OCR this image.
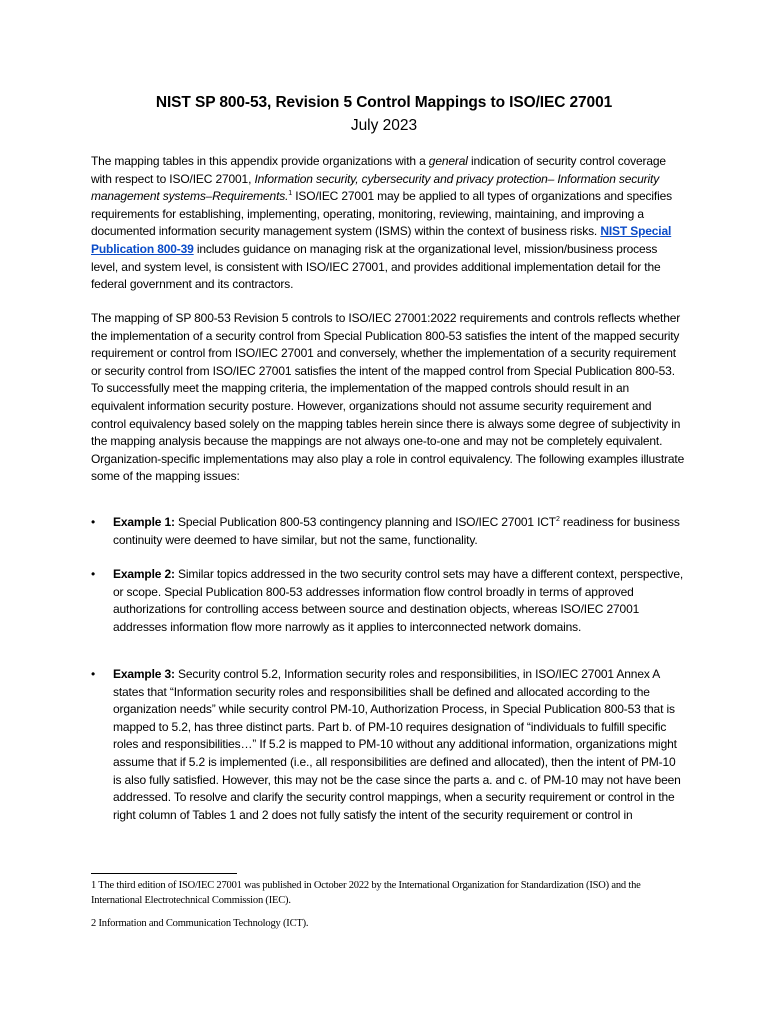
NIST SP 800-53, Revision 5 Control Mappings to ISO/IEC 27001
July 2023
The mapping tables in this appendix provide organizations with a general indication of security control coverage with respect to ISO/IEC 27001, Information security, cybersecurity and privacy protection– Information security management systems–Requirements.$^1$ ISO/IEC 27001 may be applied to all types of organizations and specifies requirements for establishing, implementing, operating, monitoring, reviewing, maintaining, and improving a documented information security management system (ISMS) within the context of business risks. NIST Special Publication 800-39 includes guidance on managing risk at the organizational level, mission/business process level, and system level, is consistent with ISO/IEC 27001, and provides additional implementation detail for the federal government and its contractors.
The mapping of SP 800-53 Revision 5 controls to ISO/IEC 27001:2022 requirements and controls reflects whether the implementation of a security control from Special Publication 800-53 satisfies the intent of the mapped security requirement or control from ISO/IEC 27001 and conversely, whether the implementation of a security requirement or security control from ISO/IEC 27001 satisfies the intent of the mapped control from Special Publication 800-53. To successfully meet the mapping criteria, the implementation of the mapped controls should result in an equivalent information security posture. However, organizations should not assume security requirement and control equivalency based solely on the mapping tables herein since there is always some degree of subjectivity in the mapping analysis because the mappings are not always one-to-one and may not be completely equivalent. Organization-specific implementations may also play a role in control equivalency. The following examples illustrate some of the mapping issues:
•	Example 1: Special Publication 800-53 contingency planning and ISO/IEC 27001 ICT$^2$ readiness for business continuity were deemed to have similar, but not the same, functionality.
•	Example 2: Similar topics addressed in the two security control sets may have a different context, perspective, or scope. Special Publication 800-53 addresses information flow control broadly in terms of approved authorizations for controlling access between source and destination objects, whereas ISO/IEC 27001 addresses information flow more narrowly as it applies to interconnected network domains.
•	Example 3: Security control 5.2, Information security roles and responsibilities, in ISO/IEC 27001 Annex A states that “Information security roles and responsibilities shall be defined and allocated according to the organization needs” while security control PM-10, Authorization Process, in Special Publication 800-53 that is mapped to 5.2, has three distinct parts. Part b. of PM-10 requires designation of “individuals to fulfill specific roles and responsibilities…” If 5.2 is mapped to PM-10 without any additional information, organizations might assume that if 5.2 is implemented (i.e., all responsibilities are defined and allocated), then the intent of PM-10 is also fully satisfied. However, this may not be the case since the parts a. and c. of PM-10 may not have been addressed. To resolve and clarify the security control mappings, when a security requirement or control in the right column of Tables 1 and 2 does not fully satisfy the intent of the security requirement or control in
1 The third edition of ISO/IEC 27001 was published in October 2022 by the International Organization for Standardization (ISO) and the International Electrotechnical Commission (IEC).
2 Information and Communication Technology (ICT).
